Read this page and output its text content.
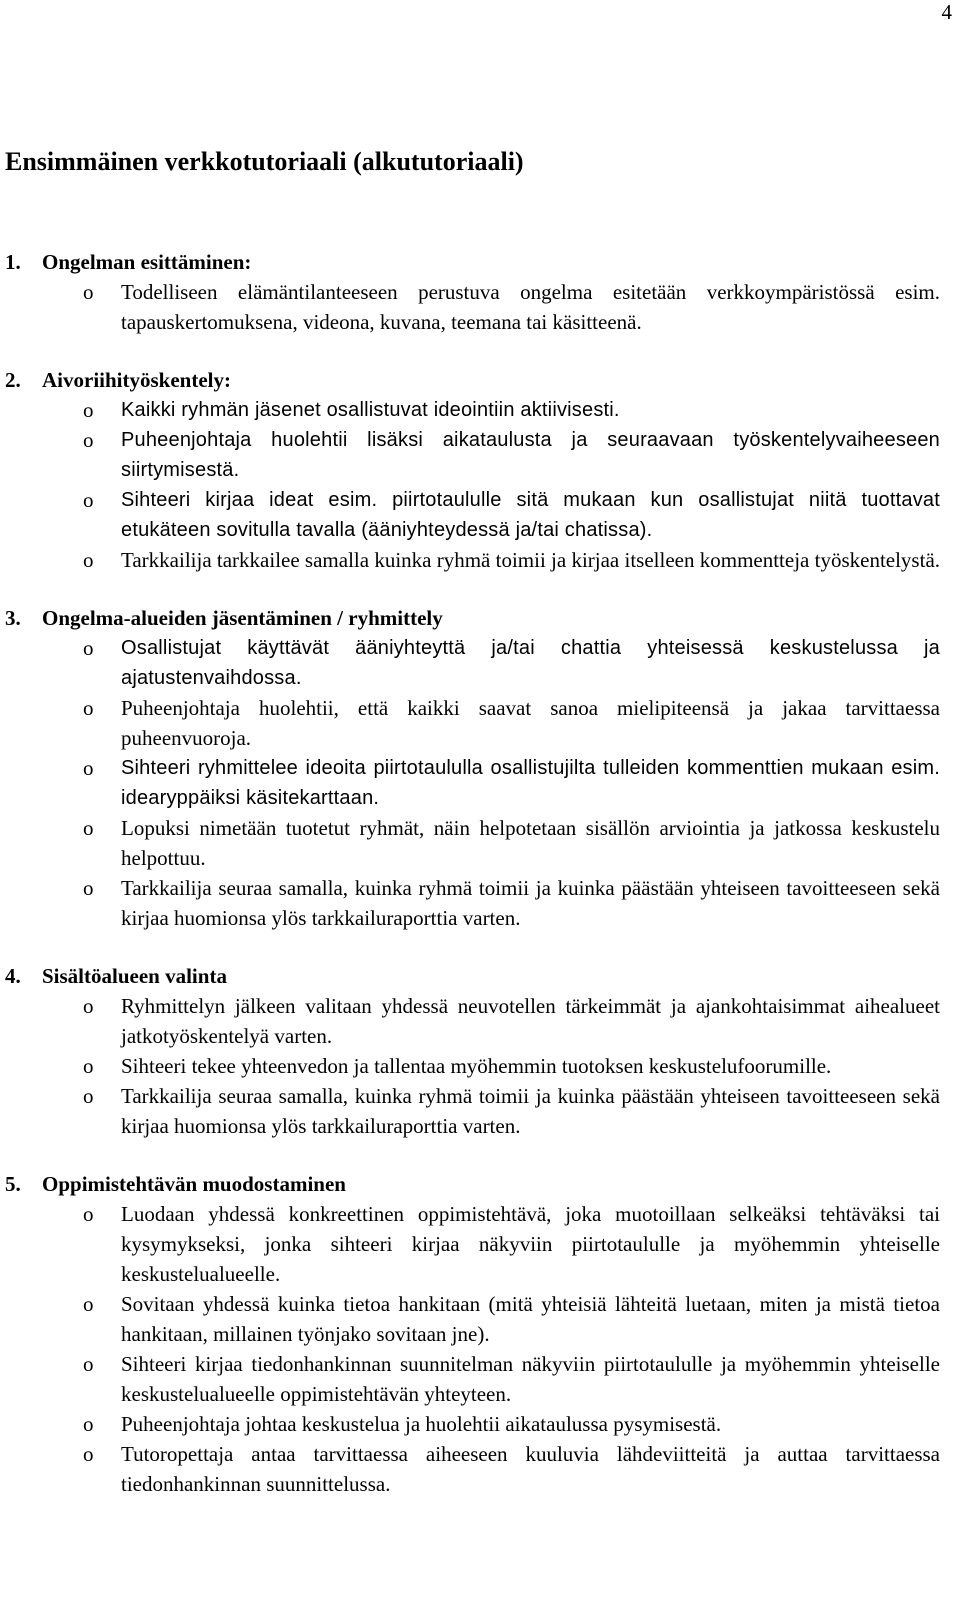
4
Ensimmäinen verkkotutoriaali (alkututoriaali)
1.	Ongelman esittäminen:
o	Todelliseen elämäntilanteeseen perustuva ongelma esitetään verkkoympäristössä esim. tapauskertomuksena, videona, kuvana, teemana tai käsitteenä.
2.	Aivoriihityöskentely:
o	Kaikki ryhmän jäsenet osallistuvat ideointiin aktiivisesti.
o	Puheenjohtaja huolehtii lisäksi aikataulusta ja seuraavaan työskentelyvaiheeseen siirtymisestä.
o	Sihteeri kirjaa ideat esim. piirtotaululle sitä mukaan kun osallistujat niitä tuottavat etukäteen sovitulla tavalla (ääniyhteydessä ja/tai chatissa).
o	Tarkkailija tarkkailee samalla kuinka ryhmä toimii ja kirjaa itselleen kommentteja työskentelystä.
3.	Ongelma-alueiden jäsentäminen / ryhmittely
o	Osallistujat käyttävät ääniyhteyttä ja/tai chattia yhteisessä keskustelussa ja ajatustenvaihdossa.
o	Puheenjohtaja huolehtii, että kaikki saavat sanoa mielipiteensä ja jakaa tarvittaessa puheenvuoroja.
o	Sihteeri ryhmittelee ideoita piirtotaululla osallistujilta tulleiden kommenttien mukaan esim. idearyppäiksi käsitekarttaan.
o	Lopuksi nimetään tuotetut ryhmät, näin helpotetaan sisällön arviointia ja jatkossa keskustelu helpottuu.
o	Tarkkailija seuraa samalla, kuinka ryhmä toimii ja kuinka päästään yhteiseen tavoitteeseen sekä kirjaa huomionsa ylös tarkkailuraporttia varten.
4.	Sisältöalueen valinta
o	Ryhmittelyn jälkeen valitaan yhdessä neuvotellen tärkeimmät ja ajankohtaisimmat aihealueet jatkotyöskentelyä varten.
o	Sihteeri tekee yhteenvedon ja tallentaa myöhemmin tuotoksen keskustelufoorumille.
o	Tarkkailija seuraa samalla, kuinka ryhmä toimii ja kuinka päästään yhteiseen tavoitteeseen sekä kirjaa huomionsa ylös tarkkailuraporttia varten.
5.	Oppimistehtävän muodostaminen
o	Luodaan yhdessä konkreettinen oppimistehtävä, joka muotoillaan selkeäksi tehtäväksi tai kysymykseksi, jonka sihteeri kirjaa näkyviin piirtotaululle ja myöhemmin yhteiselle keskustelualueelle.
o	Sovitaan yhdessä kuinka tietoa hankitaan (mitä yhteisiä lähteitä luetaan, miten ja mistä tietoa hankitaan, millainen työnjako sovitaan jne).
o	Sihteeri kirjaa tiedonhankinnan suunnitelman näkyviin piirtotaululle ja myöhemmin yhteiselle keskustelualueelle oppimistehtävän yhteyteen.
o	Puheenjohtaja johtaa keskustelua ja huolehtii aikataulussa pysymisestä.
o	Tutoropettaja antaa tarvittaessa aiheeseen kuuluvia lähdeviitteitä ja auttaa tarvittaessa tiedonhankinnan suunnittelussa.
